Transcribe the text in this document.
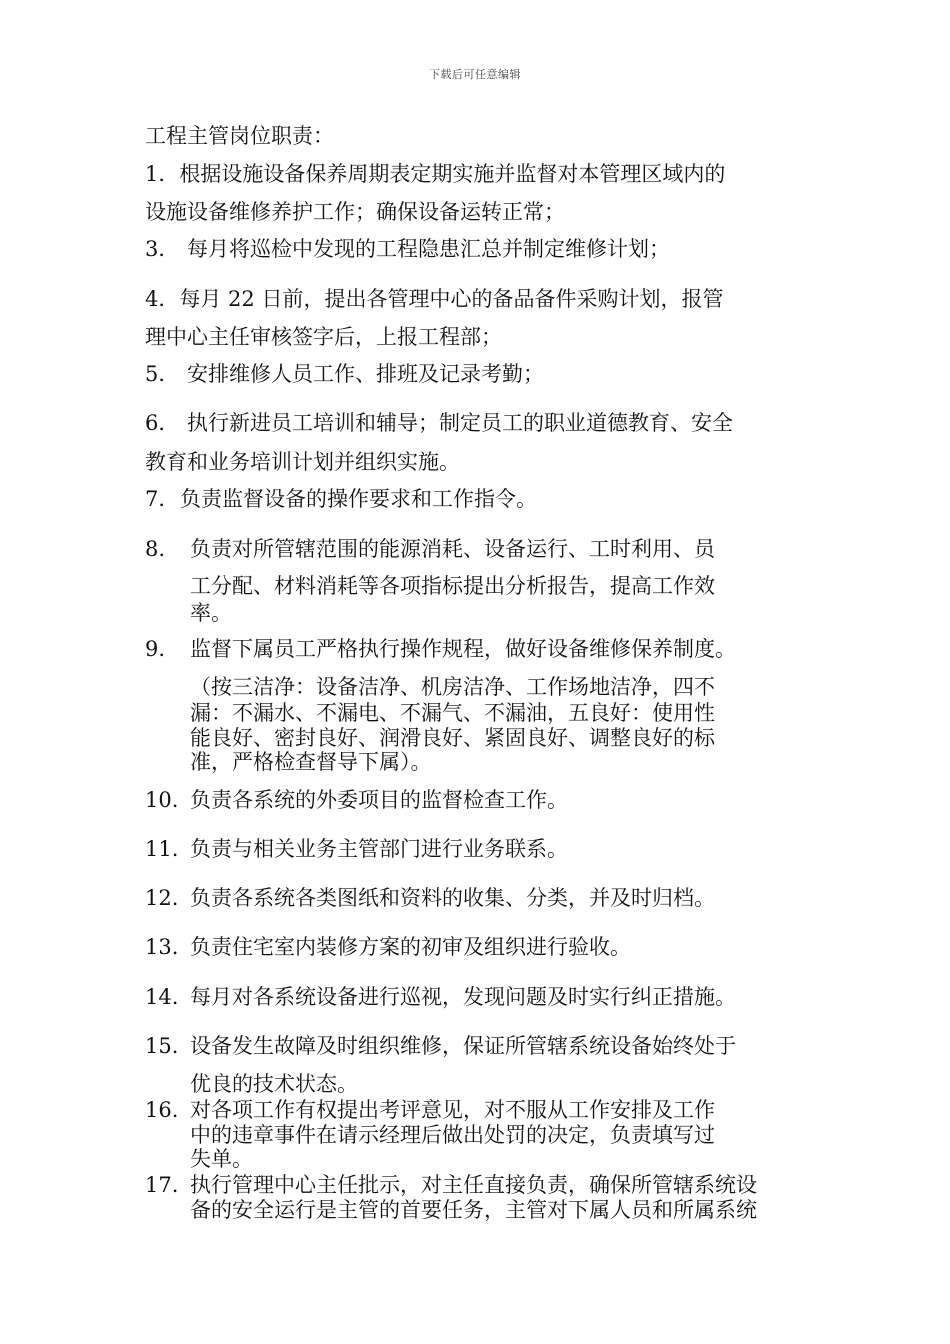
下载后可任意编辑
工程主管岗位职责：
1．根据设施设备保养周期表定期实施并监督对本管理区域内的
设施设备维修养护工作；确保设备运转正常；
3． 每月将巡检中发现的工程隐患汇总并制定维修计划；
4．每月 22 日前，提出各管理中心的备品备件采购计划，报管
理中心主任审核签字后，上报工程部；
5． 安排维修人员工作、排班及记录考勤；
6． 执行新进员工培训和辅导；制定员工的职业道德教育、安全
教育和业务培训计划并组织实施。
7．负责监督设备的操作要求和工作指令。
8. 负责对所管辖范围的能源消耗、设备运行、工时利用、员
工分配、材料消耗等各项指标提出分析报告，提高工作效
率。
9. 监督下属员工严格执行操作规程，做好设备维修保养制度。
（按三洁净：设备洁净、机房洁净、工作场地洁净，四不
漏：不漏水、不漏电、不漏气、不漏油，五良好：使用性
能良好、密封良好、润滑良好、紧固良好、调整良好的标
准，严格检查督导下属）。
10. 负责各系统的外委项目的监督检查工作。
11. 负责与相关业务主管部门进行业务联系。
12. 负责各系统各类图纸和资料的收集、分类，并及时归档。
13. 负责住宅室内装修方案的初审及组织进行验收。
14. 每月对各系统设备进行巡视，发现问题及时实行纠正措施。
15. 设备发生故障及时组织维修，保证所管辖系统设备始终处于
优良的技术状态。
16. 对各项工作有权提出考评意见，对不服从工作安排及工作
中的违章事件在请示经理后做出处罚的决定，负责填写过
失单。
17. 执行管理中心主任批示，对主任直接负责，确保所管辖系统设
备的安全运行是主管的首要任务，主管对下属人员和所属系统
